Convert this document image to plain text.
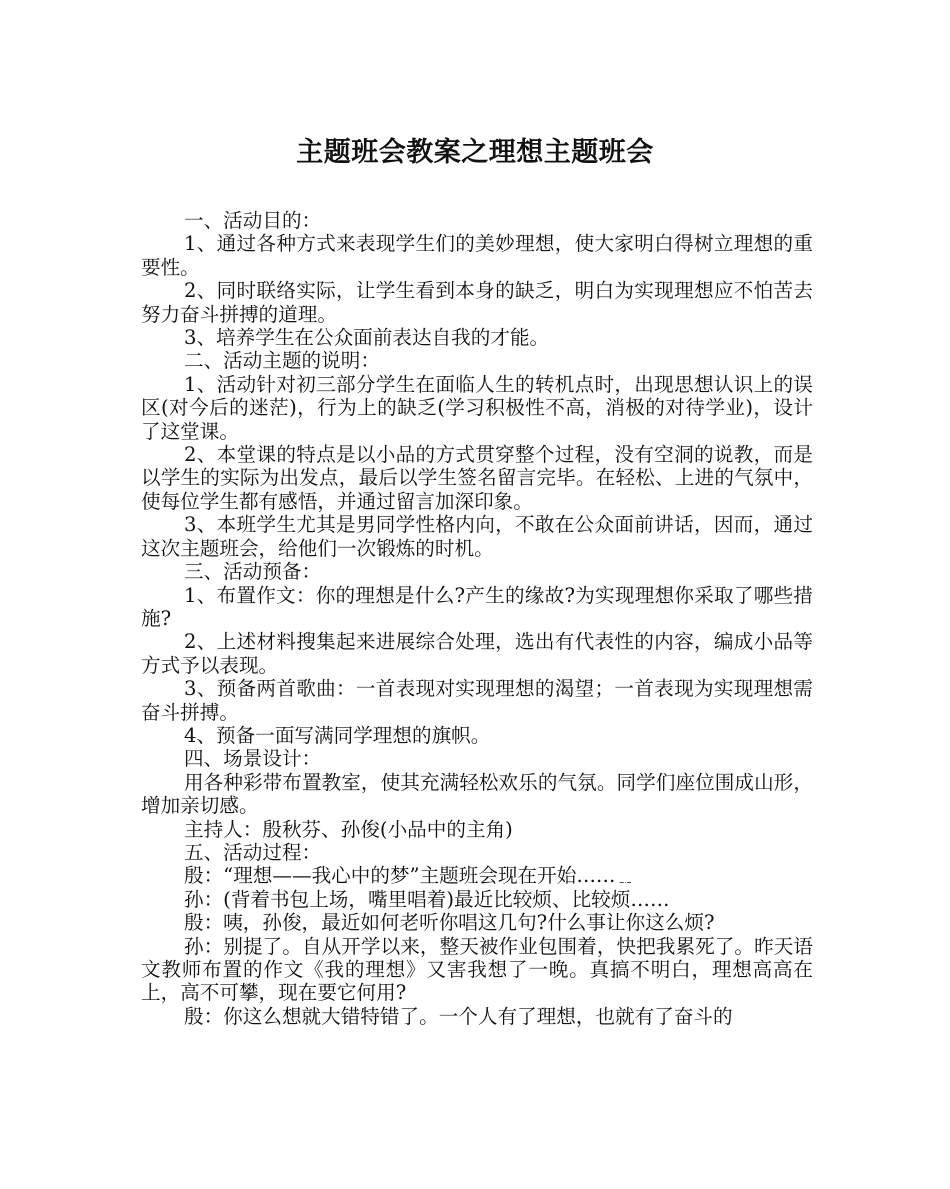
主题班会教案之理想主题班会

一、活动目的：

1、通过各种方式来表现学生们的美妙理想，使大家明白得树立理想的重要性。

2、同时联络实际，让学生看到本身的缺乏，明白为实现理想应不怕苦去努力奋斗拼搏的道理。

3、培养学生在公众面前表达自我的才能。

二、活动主题的说明：

1、活动针对初三部分学生在面临人生的转机点时，出现思想认识上的误区(对今后的迷茫)，行为上的缺乏(学习积极性不高，消极的对待学业)，设计了这堂课。

2、本堂课的特点是以小品的方式贯穿整个过程，没有空洞的说教，而是以学生的实际为出发点，最后以学生签名留言完毕。在轻松、上进的气氛中，使每位学生都有感悟，并通过留言加深印象。

3、本班学生尤其是男同学性格内向，不敢在公众面前讲话，因而，通过这次主题班会，给他们一次锻炼的时机。

三、活动预备：

1、布置作文：你的理想是什么?产生的缘故?为实现理想你采取了哪些措施?

2、上述材料搜集起来进展综合处理，选出有代表性的内容，编成小品等方式予以表现。

3、预备两首歌曲：一首表现对实现理想的渴望；一首表现为实现理想需奋斗拼搏。

4、预备一面写满同学理想的旗帜。

四、场景设计：

用各种彩带布置教室，使其充满轻松欢乐的气氛。同学们座位围成山形，增加亲切感。

主持人：殷秋芬、孙俊(小品中的主角)

五、活动过程：

殷：“理想——我心中的梦”主题班会现在开始……﹎

孙：(背着书包上场，嘴里唱着)最近比较烦、比较烦……

殷：咦，孙俊，最近如何老听你唱这几句?什么事让你这么烦?

孙：别提了。自从开学以来，整天被作业包围着，快把我累死了。昨天语文教师布置的作文《我的理想》又害我想了一晚。真搞不明白，理想高高在上，高不可攀，现在要它何用?

殷：你这么想就大错特错了。一个人有了理想，也就有了奋斗的
